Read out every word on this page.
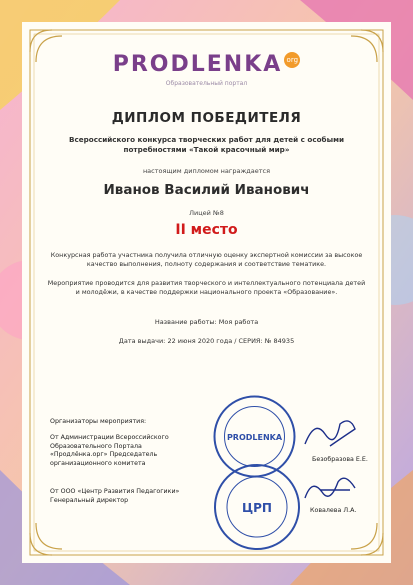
PRODLENKA org

Образовательный портал

ДИПЛОМ ПОБЕДИТЕЛЯ

Всероссийского конкурса творческих работ для детей с особыми потребностями «Такой красочный мир»

настоящим дипломом награждается

Иванов Василий Иванович

Лицей №8

II место

Конкурсная работа участника получила отличную оценку экспертной комиссии за высокое качество выполнения, полноту содержания и соответствие тематике.

Мероприятие проводится для развития творческого и интеллектуального потенциала детей и молодёжи, в качестве поддержки национального проекта «Образование».

Название работы: Моя работа

Дата выдачи: 22 июня 2020 года / СЕРИЯ: № 84935

Организаторы мероприятия:

От Администрации Всероссийского Образовательного Портала «Продлёнка.орг» Председатель организационного комитета

От ООО «Центр Развития Педагогики» Генеральный директор

PRODLENKA
ЦРП

Безобразова Е.Е.

Ковалева Л.А.
